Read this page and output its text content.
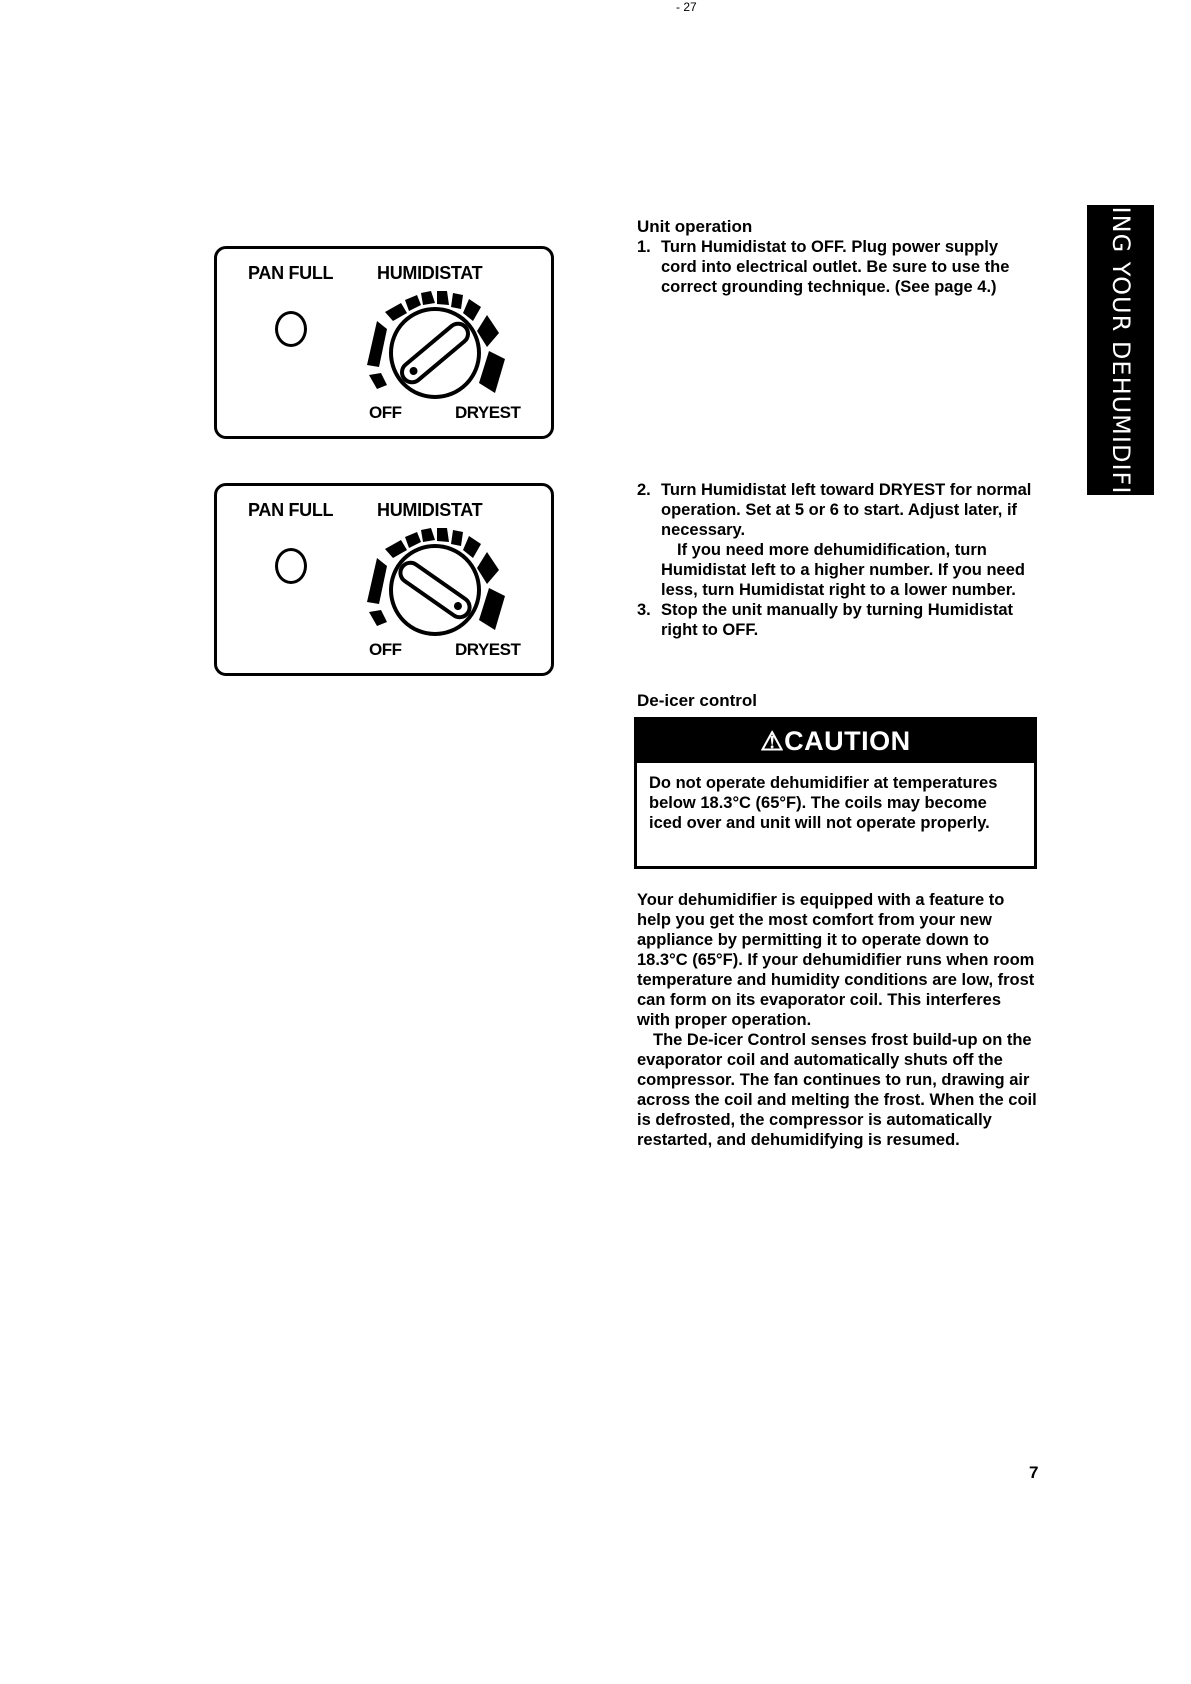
- 27
PAN FULL HUMIDISTAT
OFF	DRYEST
PAN FULL HUMIDISTAT
OFF	DRYEST
Unit operation
1. Turn Humidistat to OFF. Plug power supply cord into electrical outlet. Be sure to use the correct grounding technique. (See page 4.)

2. Turn Humidistat left toward DRYEST for normal operation. Set at 5 or 6 to start. Adjust later, if necessary.

If you need more dehumidification, turn Humidistat left to a higher number. If you need less, turn Humidistat right to a lower number.

3. Stop the unit manually by turning Humidistat right to OFF.

De-icer control
⚠ CAUTION
Do not operate dehumidifier at temperatures below 18.3°C (65°F). The coils may become iced over and unit will not operate properly.

Your dehumidifier is equipped with a feature to help you get the most comfort from your new appliance by permitting it to operate down to 18.3°C (65°F). If your dehumidifier runs when room temperature and humidity conditions are low, frost can form on its evaporator coil. This interferes with proper operation.

The De-icer Control senses frost build-up on the evaporator coil and automatically shuts off the compressor. The fan continues to run, drawing air across the coil and melting the frost. When the coil is defrosted, the compressor is automatically restarted, and dehumidifying is resumed.

USING YOUR DEHUMIDIFIER
7
